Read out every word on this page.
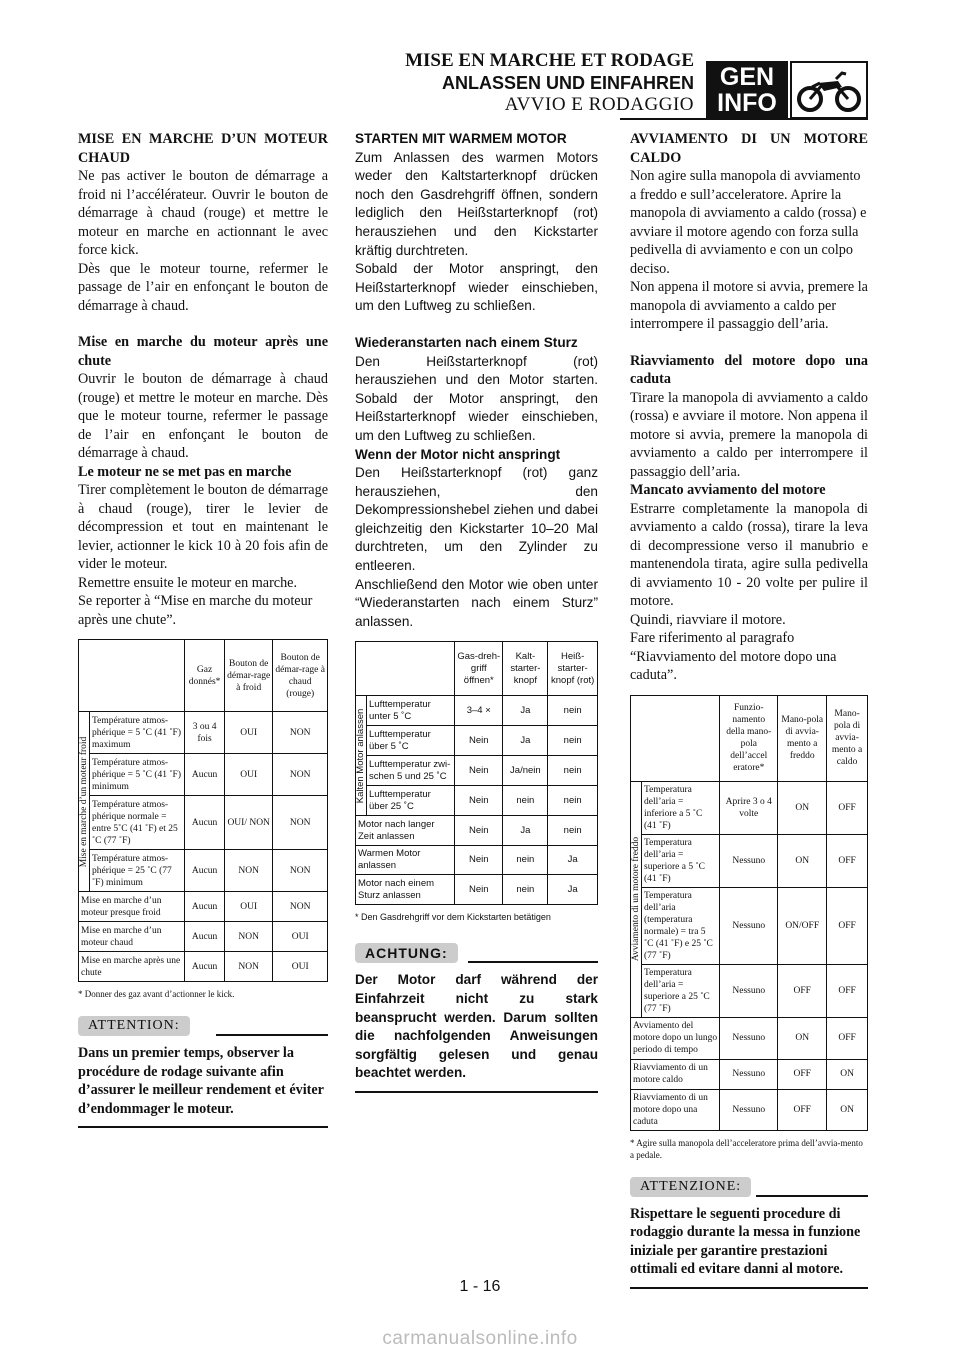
MISE EN MARCHE ET RODAGE
ANLASSEN UND EINFAHREN
AVVIO E RODAGGIO
GEN
INFO

MISE EN MARCHE D’UN MOTEUR CHAUD

Ne pas activer le bouton de démarrage a froid ni l’accélérateur. Ouvrir le bouton de démarrage à chaud (rouge) et mettre le moteur en marche en actionnant le avec force kick.

Dès que le moteur tourne, refermer le passage de l’air en enfonçant le bouton de démarrage à chaud.

Mise en marche du moteur après une chute

Ouvrir le bouton de démarrage à chaud (rouge) et mettre le moteur en marche. Dès que le moteur tourne, refermer le passage de l’air en enfonçant le bouton de démarrage à chaud.

Le moteur ne se met pas en marche

Tirer complètement le bouton de démarrage à chaud (rouge), tirer le levier de décompression et tout en maintenant le levier, actionner le kick 10 à 20 fois afin de vider le moteur.

Remettre ensuite le moteur en marche.

Se reporter à “Mise en marche du moteur après une chute”.

		Gaz donnés*	Bouton de démar-rage à froid	Bouton de démar-rage à chaud (rouge)

Mise en marche d’un moteur froid	Température atmos-phérique = 5 ˚C (41 ˚F) maximum	3 ou 4 fois	OUI	NON
	Température atmos-phérique = 5 ˚C (41 ˚F) minimum	Aucun	OUI	NON
	Température atmos-phérique normale = entre 5˚C (41 ˚F) et 25 ˚C (77 ˚F)	Aucun	OUI/ NON	NON
	Température atmos-phérique = 25 ˚C (77 ˚F) minimum	Aucun	NON	NON
Mise en marche d’un moteur presque froid		Aucun	OUI	NON
Mise en marche d’un moteur chaud		Aucun	NON	OUI
Mise en marche après une chute		Aucun	NON	OUI
* Donner des gaz avant d’actionner le kick.
ATTENTION:

Dans un premier temps, observer la procédure de rodage suivante afin d’assurer le meilleur rendement et éviter d’endommager le moteur.

STARTEN MIT WARMEM MOTOR

Zum Anlassen des warmen Motors weder den Kaltstarterknopf drücken noch den Gasdrehgriff öffnen, sondern lediglich den Heißstarterknopf (rot) herausziehen und den Kickstarter kräftig durchtreten.

Sobald der Motor anspringt, den Heißstarterknopf wieder einschieben, um den Luftweg zu schließen.

Wiederanstarten nach einem Sturz

Den Heißstarterknopf (rot) herausziehen und den Motor starten. Sobald der Motor anspringt, den Heißstarterknopf wieder einschieben, um den Luftweg zu schließen.

Wenn der Motor nicht anspringt

Den Heißstarterknopf (rot) ganz herausziehen, den Dekompressionshebel ziehen und dabei gleichzeitig den Kickstarter 10–20 Mal durchtreten, um den Zylinder zu entleeren.

Anschließend den Motor wie oben unter “Wiederanstarten nach einem Sturz” anlassen.

		Gas-dreh-griff öffnen*	Kalt-starter-knopf	Heiß-starter-knopf (rot)

Kalten Motor anlassen	Lufttemperatur unter 5 ˚C	3–4 ×	Ja	nein
	Lufttemperatur über 5 ˚C	Nein	Ja	nein
	Lufttemperatur zwi-schen 5 und 25 ˚C	Nein	Ja/nein	nein
	Lufttemperatur über 25 ˚C	Nein	nein	nein
Motor nach langer Zeit anlassen		Nein	Ja	nein
Warmen Motor anlassen		Nein	nein	Ja
Motor nach einem Sturz anlassen		Nein	nein	Ja
* Den Gasdrehgriff vor dem Kickstarten betätigen
ACHTUNG:

Der Motor darf während der Einfahrzeit nicht zu stark beansprucht werden. Darum sollten die nachfolgenden Anweisungen sorgfältig gelesen und genau beachtet werden.

AVVIAMENTO DI UN MOTORE CALDO

Non agire sulla manopola di avviamento a freddo e sull’acceleratore. Aprire la manopola di avviamento a caldo (rossa) e avviare il motore agendo con forza sulla pedivella di avviamento e con un colpo deciso.

Non appena il motore si avvia, premere la manopola di avviamento a caldo per interrompere il passaggio dell’aria.

Riavviamento del motore dopo una caduta

Tirare la manopola di avviamento a caldo (rossa) e avviare il motore. Non appena il motore si avvia, premere la manopola di avviamento a caldo per interrompere il passaggio dell’aria.

Mancato avviamento del motore

Estrarre completamente la manopola di avviamento a caldo (rossa), tirare la leva di decompressione verso il manubrio e mantenendola tirata, agire sulla pedivella di avviamento 10 - 20 volte per pulire il motore.

Quindi, riavviare il motore.

Fare riferimento al paragrafo “Riavviamento del motore dopo una caduta”.

		Funzio-namento della mano-pola dell’accel eratore*	Mano-pola di avvia-mento a freddo	Mano-pola di avvia-mento a caldo

Avviamento di un motore freddo	Temperatura dell’aria = inferiore a 5 ˚C (41 ˚F)	Aprire 3 o 4 volte	ON	OFF
	Temperatura dell’aria = superiore a 5 ˚C (41 ˚F)	Nessuno	ON	OFF
	Temperatura dell’aria (temperatura normale) = tra 5 ˚C (41 ˚F) e 25 ˚C (77 ˚F)	Nessuno	ON/OFF	OFF
	Temperatura dell’aria = superiore a 25 ˚C (77 ˚F)	Nessuno	OFF	OFF
Avviamento del motore dopo un lungo periodo di tempo		Nessuno	ON	OFF
Riavviamento di un motore caldo		Nessuno	OFF	ON
Riavviamento di un motore dopo una caduta		Nessuno	OFF	ON
* Agire sulla manopola dell’acceleratore prima dell’avvia-mento a pedale.
ATTENZIONE:

Rispettare le seguenti procedure di rodaggio durante la messa in funzione iniziale per garantire prestazioni ottimali ed evitare danni al motore.

1 - 16
carmanualsonline.info
